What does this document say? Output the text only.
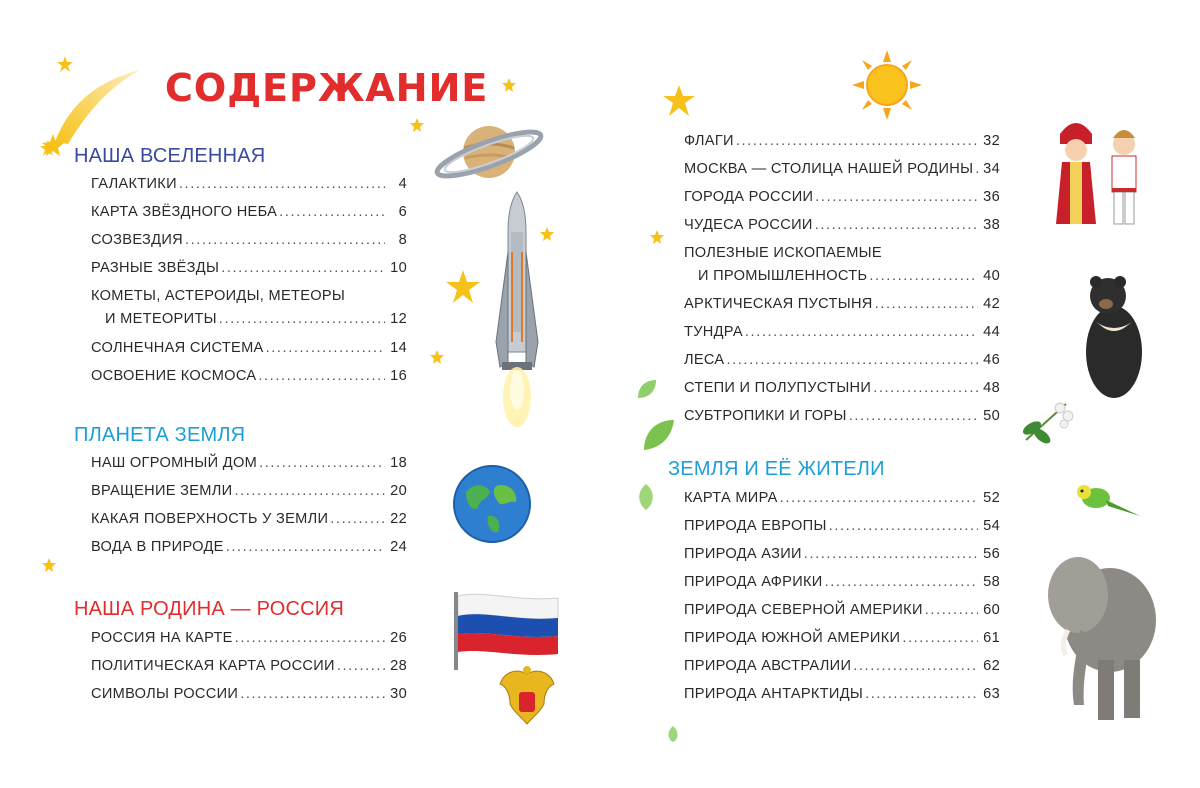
СОДЕРЖАНИЕ
НАША ВСЕЛЕННАЯ
ПЛАНЕТА ЗЕМЛЯ
НАША РОДИНА — РОССИЯ
ЗЕМЛЯ И ЕЁ ЖИТЕЛИ
ГАЛАКТИКИ .....	4
КАРТА ЗВЁЗДНОГО НЕБА .....	6
СОЗВЕЗДИЯ .....	8
РАЗНЫЕ ЗВЁЗДЫ .....	10
КОМЕТЫ, АСТЕРОИДЫ, МЕТЕОРЫ
И МЕТЕОРИТЫ .....	12
СОЛНЕЧНАЯ СИСТЕМА .....	14
ОСВОЕНИЕ КОСМОСА .....	16
НАШ ОГРОМНЫЙ ДОМ .....	18
ВРАЩЕНИЕ ЗЕМЛИ .....	20
КАКАЯ ПОВЕРХНОСТЬ У ЗЕМЛИ .....	22
ВОДА В ПРИРОДЕ .....	24
РОССИЯ НА КАРТЕ .....	26
ПОЛИТИЧЕСКАЯ КАРТА РОССИИ .....	28
СИМВОЛЫ РОССИИ .....	30
ФЛАГИ .....	32
МОСКВА — СТОЛИЦА НАШЕЙ РОДИНЫ ..... 34
ГОРОДА РОССИИ .....	36
ЧУДЕСА РОССИИ .....	38
ПОЛЕЗНЫЕ ИСКОПАЕМЫЕ
И ПРОМЫШЛЕННОСТЬ .....	40
АРКТИЧЕСКАЯ ПУСТЫНЯ .....	42
ТУНДРА .....	44
ЛЕСА .....	46
СТЕПИ И ПОЛУПУСТЫНИ .....	48
СУБТРОПИКИ И ГОРЫ .....	50
КАРТА МИРА .....	52
ПРИРОДА ЕВРОПЫ .....	54
ПРИРОДА АЗИИ .....	56
ПРИРОДА АФРИКИ .....	58
ПРИРОДА СЕВЕРНОЙ АМЕРИКИ .....	60
ПРИРОДА ЮЖНОЙ АМЕРИКИ .....	61
ПРИРОДА АВСТРАЛИИ .....	62
ПРИРОДА АНТАРКТИДЫ .....	63
